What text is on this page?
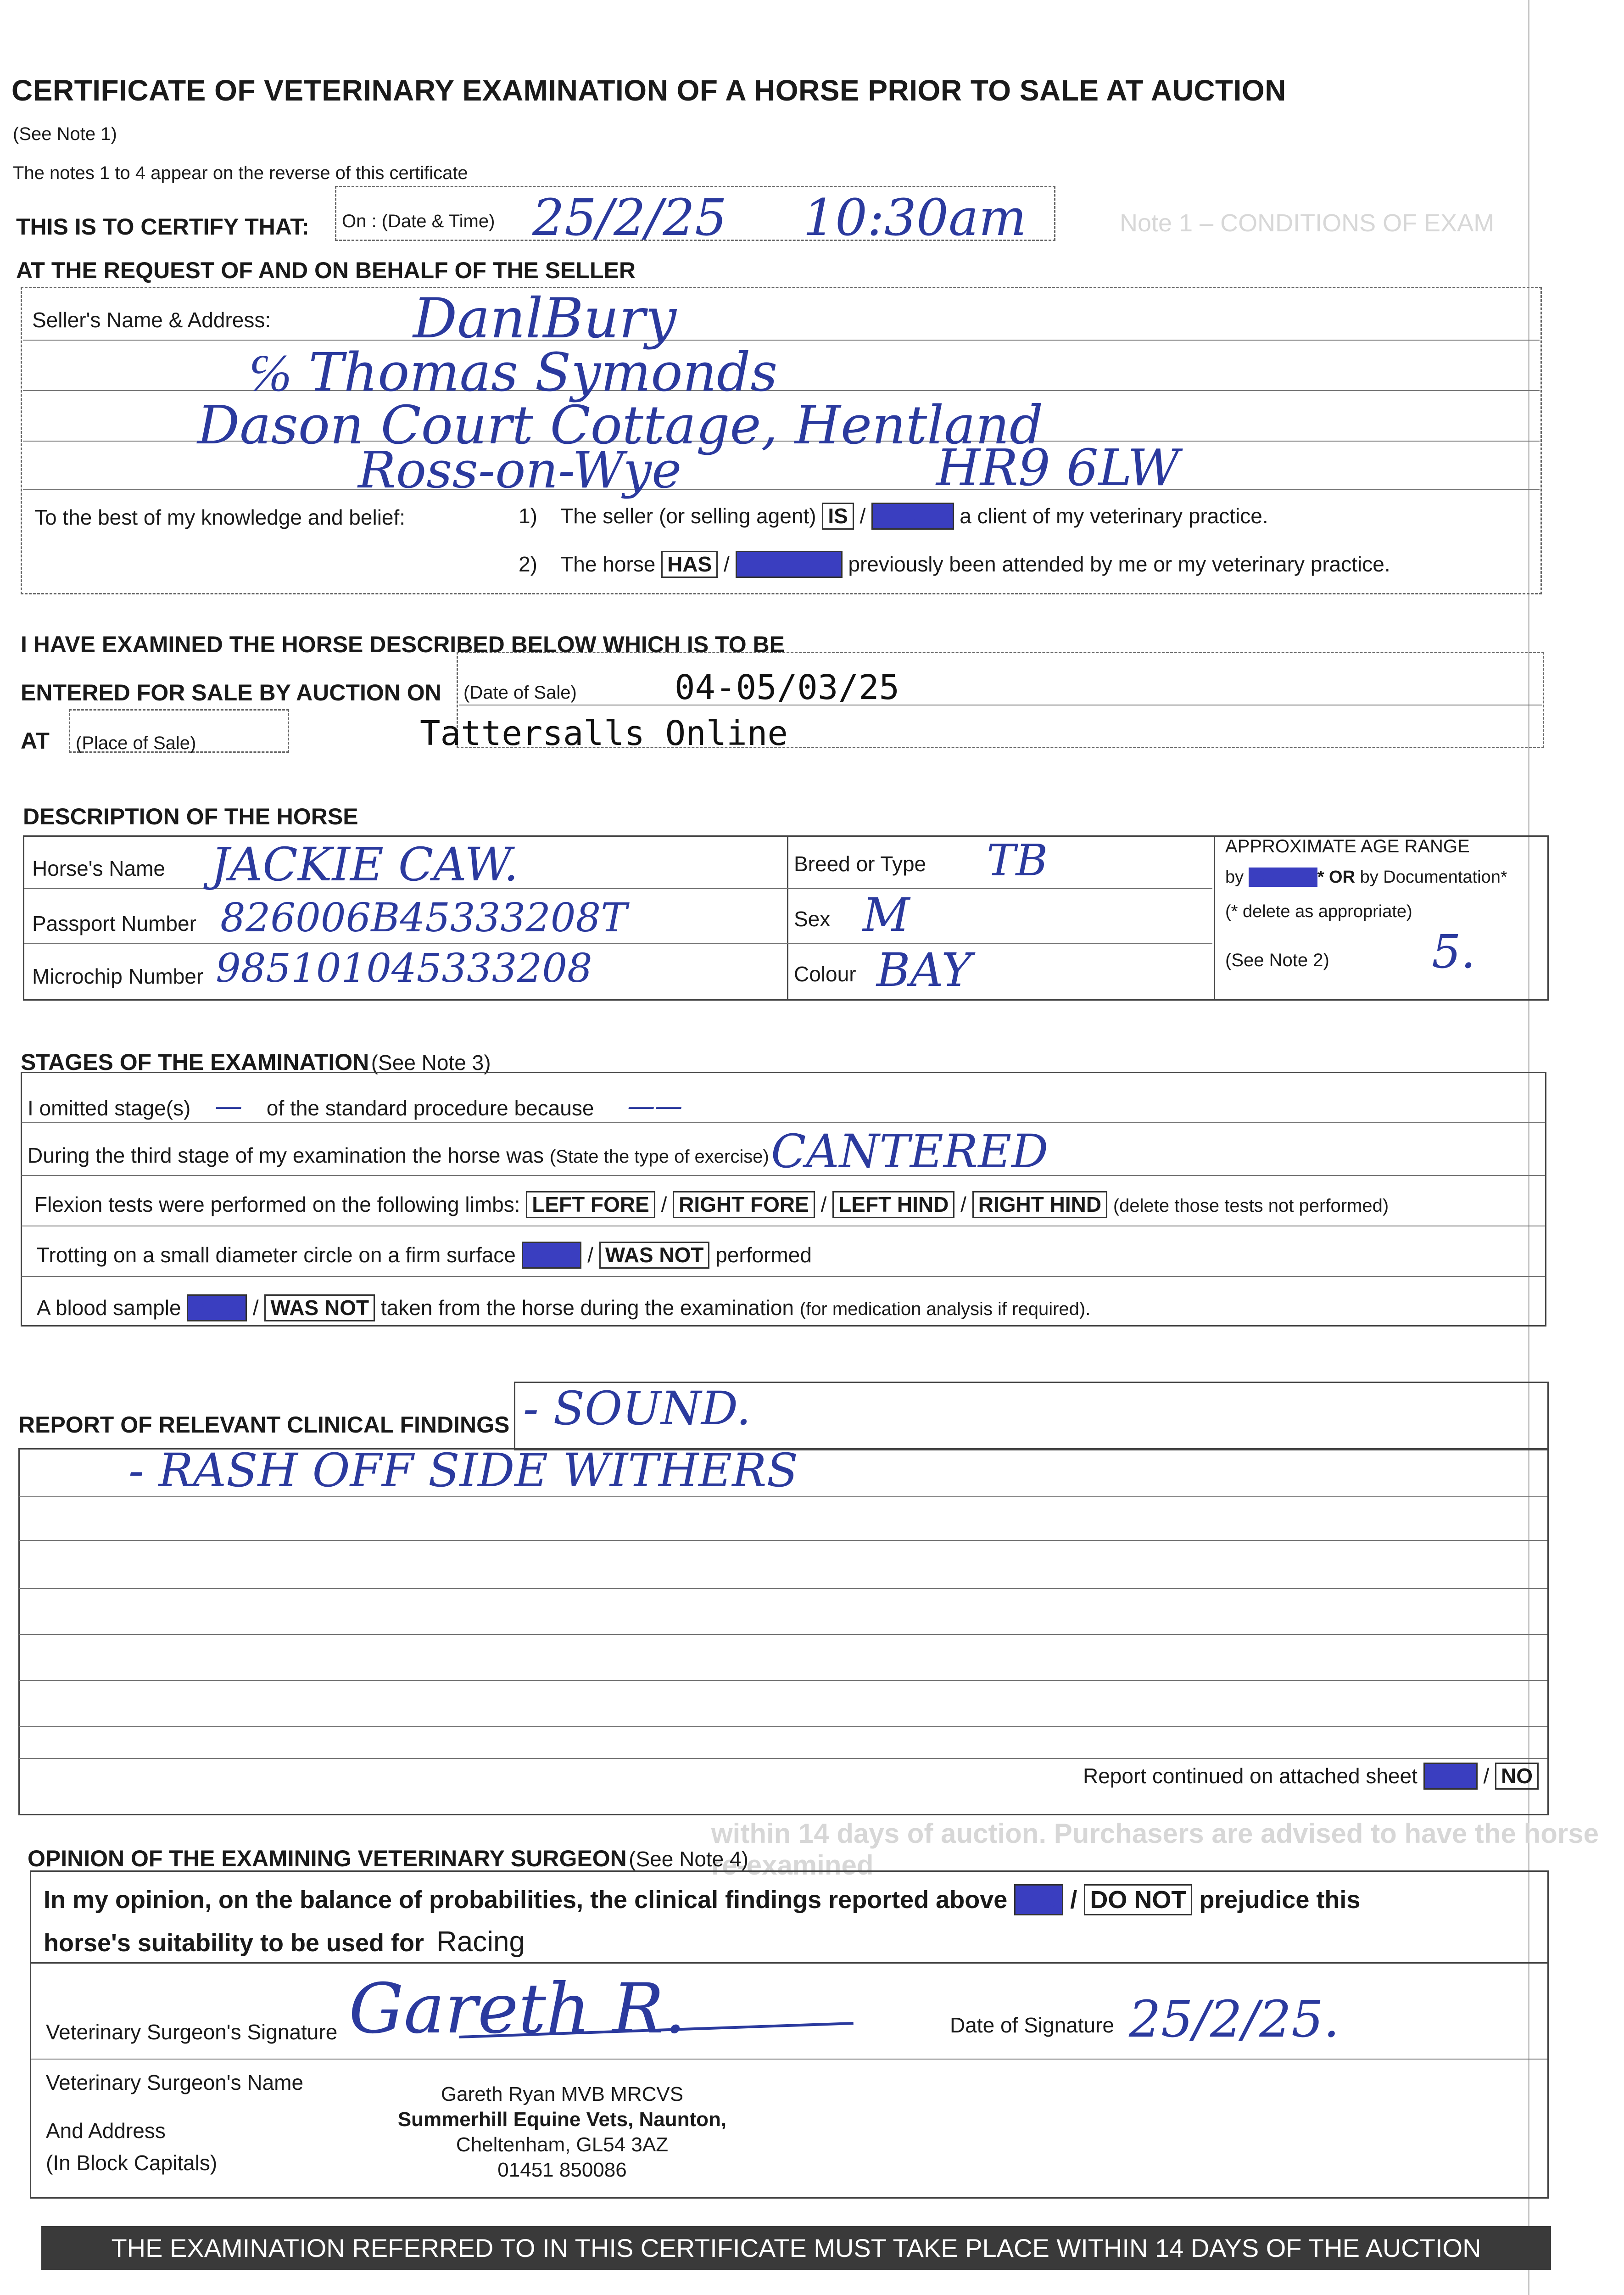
CERTIFICATE OF VETERINARY EXAMINATION OF A HORSE PRIOR TO SALE AT AUCTION
(See Note 1)
The notes 1 to 4 appear on the reverse of this certificate
THIS IS TO CERTIFY THAT: On : (Date & Time) 25/2/25 10:30am
AT THE REQUEST OF AND ON BEHALF OF THE SELLER
Seller's Name & Address:	DanlBury
℅ Thomas Symonds
Dason Court Cottage, Hentland
Ross-on-Wye	HR9 6LW
To the best of my knowledge and belief:	1) The seller (or selling agent) IS / IS NOT a client of my veterinary practice.
2) The horse HAS / HAS NOT previously been attended by me or my veterinary practice.
I HAVE EXAMINED THE HORSE DESCRIBED BELOW WHICH IS TO BE
ENTERED FOR SALE BY AUCTION ON (Date of Sale)	04-05/03/25
AT (Place of Sale)	Tattersalls Online
DESCRIPTION OF THE HORSE
Horse's Name JACKIE CAW.
Passport Number 826006B45333208T
Microchip Number 985101045333208
Breed or Type TB
Sex M
Colour BAY
APPROXIMATE AGE RANGE
by Dentition* OR by Documentation*
(* delete as appropriate)
(See Note 2) 5.
STAGES OF THE EXAMINATION (See Note 3)
I omitted stage(s) — of the standard procedure because ——
During the third stage of my examination the horse was (State the type of exercise) CANTERED
Flexion tests were performed on the following limbs: LEFT FORE / RIGHT FORE / LEFT HIND / RIGHT HIND (delete those tests not performed)
Trotting on a small diameter circle on a firm surface WAS / WAS NOT performed
A blood sample WAS / WAS NOT taken from the horse during the examination (for medication analysis if required).
Note 1 – CONDITIONS OF EXAM
within 14 days of auction. Purchasers are advised to have the horse re-examined
REPORT OF RELEVANT CLINICAL FINDINGS - SOUND.
- RASH OFF SIDE WITHERS
Report continued on attached sheet YES / NO
OPINION OF THE EXAMINING VETERINARY SURGEON (See Note 4)
In my opinion, on the balance of probabilities, the clinical findings reported above DO / DO NOT prejudice this
horse's suitability to be used for Racing
Veterinary Surgeon's Signature Gareth R.	Date of Signature 25/2/25.
Veterinary Surgeon's Name
And Address
(In Block Capitals)
Gareth Ryan MVB MRCVS
Summerhill Equine Vets, Naunton,
Cheltenham, GL54 3AZ
01451 850086
THE EXAMINATION REFERRED TO IN THIS CERTIFICATE MUST TAKE PLACE WITHIN 14 DAYS OF THE AUCTION
